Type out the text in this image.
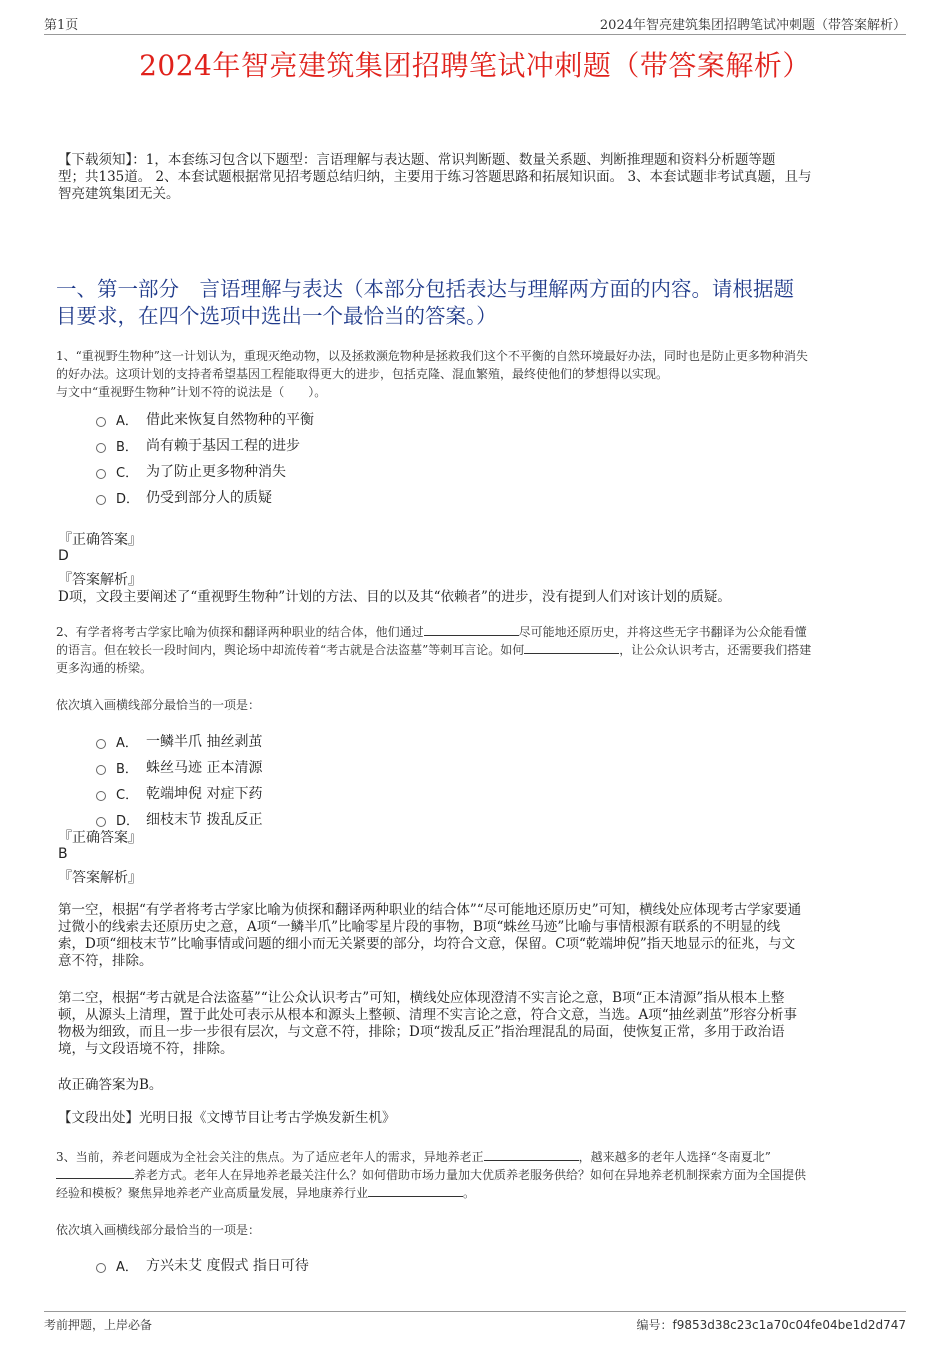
第1页	2024年智亮建筑集团招聘笔试冲刺题（带答案解析）
2024年智亮建筑集团招聘笔试冲刺题（带答案解析）
【下载须知】：1，本套练习包含以下题型：言语理解与表达题、常识判断题、数量关系题、判断推理题和资料分析题等题
型；共135道。 2、本套试题根据常见招考题总结归纳，主要用于练习答题思路和拓展知识面。 3、本套试题非考试真题，且与
智亮建筑集团无关。
一、第一部分　言语理解与表达（本部分包括表达与理解两方面的内容。请根据题
目要求，在四个选项中选出一个最恰当的答案。）
1、“重视野生物种”这一计划认为，重现灭绝动物，以及拯救濒危物种是拯救我们这个不平衡的自然环境最好办法，同时也是防止更多物种消失
的好办法。这项计划的支持者希望基因工程能取得更大的进步，包括克隆、混血繁殖，最终使他们的梦想得以实现。
与文中“重视野生物种”计划不符的说法是（　　）。
A． 借此来恢复自然物种的平衡
B． 尚有赖于基因工程的进步
C． 为了防止更多物种消失
D． 仍受到部分人的质疑
『正确答案』
D
『答案解析』
D项，文段主要阐述了“重视野生物种”计划的方法、目的以及其“依赖者”的进步，没有提到人们对该计划的质疑。
2、有学者将考古学家比喻为侦探和翻译两种职业的结合体，他们通过	尽可能地还原历史，并将这些无字书翻译为公众能看懂
的语言。但在较长一段时间内，舆论场中却流传着“考古就是合法盗墓”等刺耳言论。如何	，让公众认识考古，还需要我们搭建
更多沟通的桥梁。
依次填入画横线部分最恰当的一项是：
A． 一鳞半爪 抽丝剥茧
B． 蛛丝马迹 正本清源
C． 乾端坤倪 对症下药
D． 细枝末节 拨乱反正
『正确答案』
B
『答案解析』
第一空，根据“有学者将考古学家比喻为侦探和翻译两种职业的结合体”“尽可能地还原历史”可知，横线处应体现考古学家要通
过微小的线索去还原历史之意，A项“一鳞半爪”比喻零星片段的事物，B项“蛛丝马迹”比喻与事情根源有联系的不明显的线
索，D项“细枝末节”比喻事情或问题的细小而无关紧要的部分，均符合文意，保留。C项“乾端坤倪”指天地显示的征兆，与文
意不符，排除。
第二空，根据“考古就是合法盗墓”“让公众认识考古”可知，横线处应体现澄清不实言论之意，B项“正本清源”指从根本上整
顿，从源头上清理，置于此处可表示从根本和源头上整顿、清理不实言论之意，符合文意，当选。A项“抽丝剥茧”形容分析事
物极为细致，而且一步一步很有层次，与文意不符，排除；D项“拨乱反正”指治理混乱的局面，使恢复正常，多用于政治语
境，与文段语境不符，排除。
故正确答案为B。
【文段出处】光明日报《文博节目让考古学焕发新生机》
3、当前，养老问题成为全社会关注的焦点。为了适应老年人的需求，异地养老正	，越来越多的老年人选择“冬南夏北”
养老方式。老年人在异地养老最关注什么？如何借助市场力量加大优质养老服务供给？如何在异地养老机制探索方面为全国提供
经验和模板？聚焦异地养老产业高质量发展，异地康养行业	。
依次填入画横线部分最恰当的一项是：
A． 方兴未艾 度假式 指日可待
考前押题，上岸必备	编号：f9853d38c23c1a70c04fe04be1d2d747
